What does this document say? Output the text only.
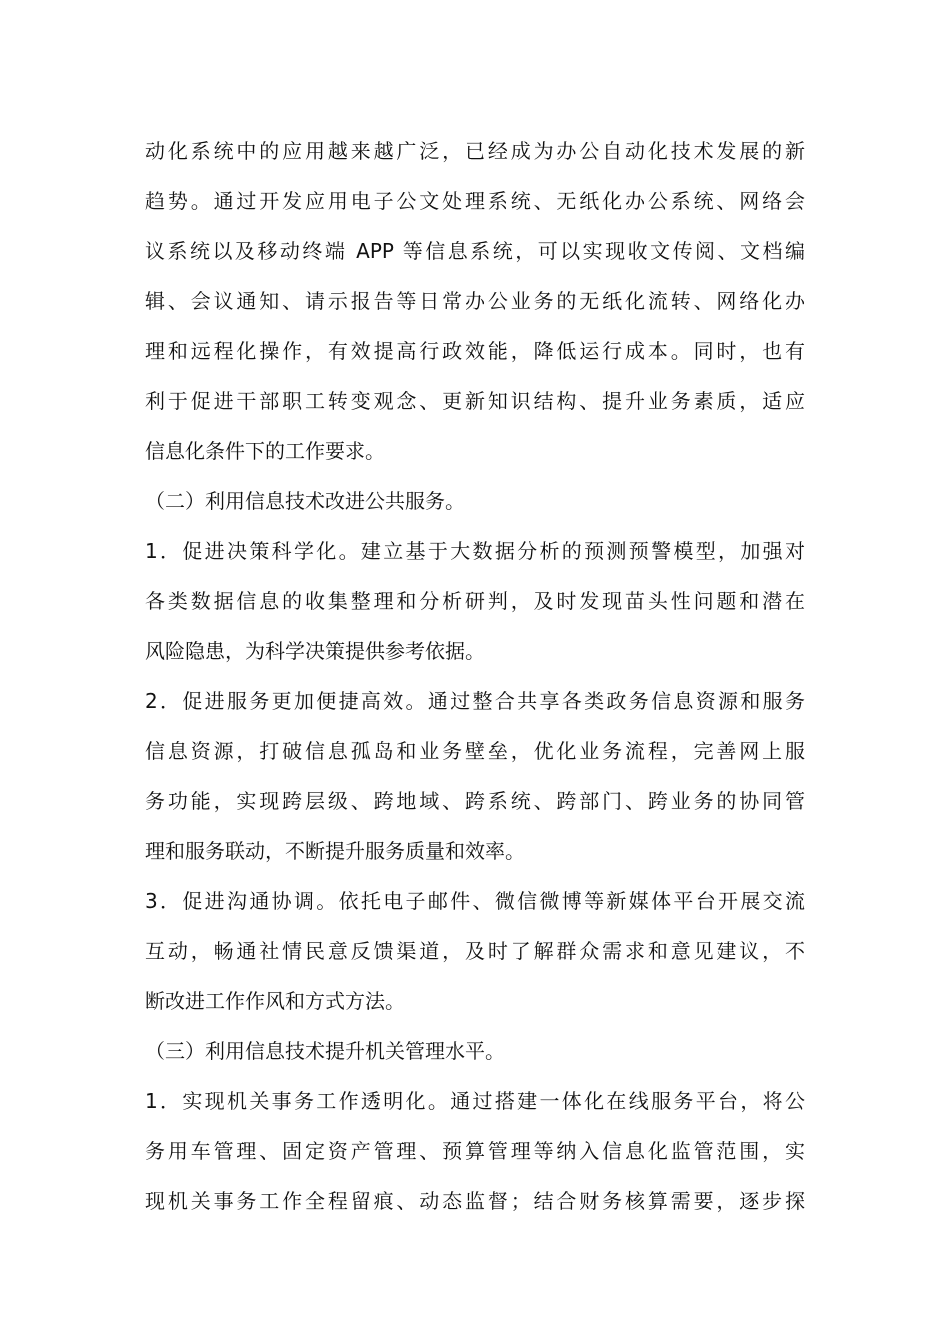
动化系统中的应用越来越广泛，已经成为办公自动化技术发展的新
趋势。通过开发应用电子公文处理系统、无纸化办公系统、网络会
议系统以及移动终端 APP 等信息系统，可以实现收文传阅、文档编
辑、会议通知、请示报告等日常办公业务的无纸化流转、网络化办
理和远程化操作，有效提高行政效能，降低运行成本。同时，也有
利于促进干部职工转变观念、更新知识结构、提升业务素质，适应
信息化条件下的工作要求。
（二）利用信息技术改进公共服务。
1．促进决策科学化。建立基于大数据分析的预测预警模型，加强对
各类数据信息的收集整理和分析研判，及时发现苗头性问题和潜在
风险隐患，为科学决策提供参考依据。
2．促进服务更加便捷高效。通过整合共享各类政务信息资源和服务
信息资源，打破信息孤岛和业务壁垒，优化业务流程，完善网上服
务功能，实现跨层级、跨地域、跨系统、跨部门、跨业务的协同管
理和服务联动，不断提升服务质量和效率。
3．促进沟通协调。依托电子邮件、微信微博等新媒体平台开展交流
互动，畅通社情民意反馈渠道，及时了解群众需求和意见建议，不
断改进工作作风和方式方法。
（三）利用信息技术提升机关管理水平。
1．实现机关事务工作透明化。通过搭建一体化在线服务平台，将公
务用车管理、固定资产管理、预算管理等纳入信息化监管范围，实
现机关事务工作全程留痕、动态监督；结合财务核算需要，逐步探
